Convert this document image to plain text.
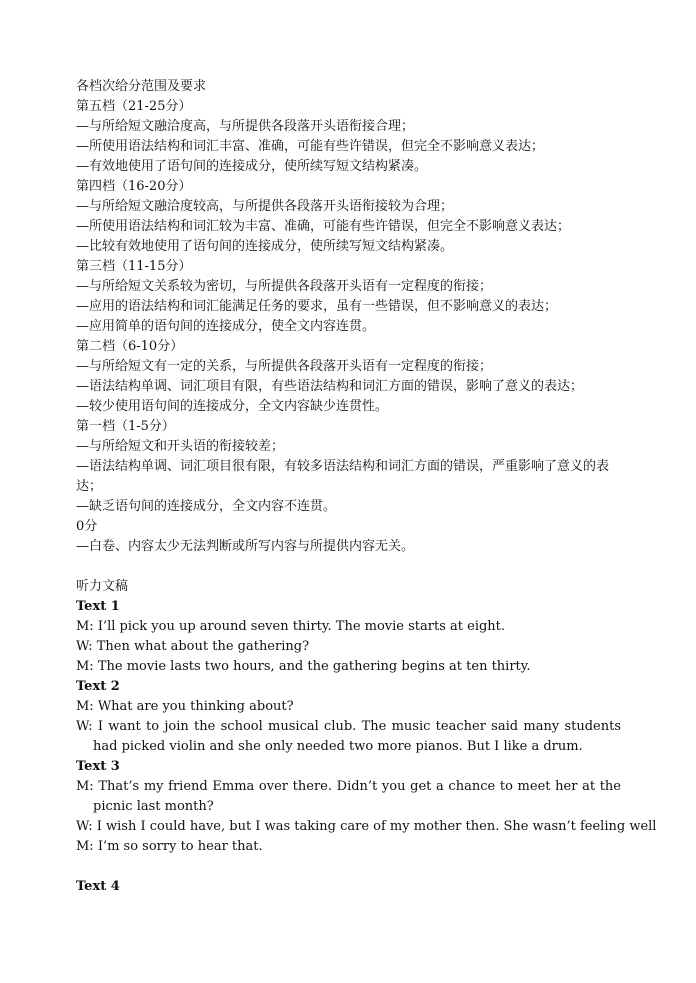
各档次给分范围及要求
第五档（21-25分）
—与所给短文融洽度高，与所提供各段落开头语衔接合理；
—所使用语法结构和词汇丰富、准确，可能有些许错误，但完全不影响意义表达；
—有效地使用了语句间的连接成分，使所续写短文结构紧凑。
第四档（16-20分）
—与所给短文融洽度较高，与所提供各段落开头语衔接较为合理；
—所使用语法结构和词汇较为丰富、准确，可能有些许错误，但完全不影响意义表达；
—比较有效地使用了语句间的连接成分，使所续写短文结构紧凑。
第三档（11-15分）
—与所给短文关系较为密切，与所提供各段落开头语有一定程度的衔接；
—应用的语法结构和词汇能满足任务的要求，虽有一些错误，但不影响意义的表达；
—应用简单的语句间的连接成分，使全文内容连贯。
第二档（6-10分）
—与所给短文有一定的关系，与所提供各段落开头语有一定程度的衔接；
—语法结构单调、词汇项目有限，有些语法结构和词汇方面的错误，影响了意义的表达；
—较少使用语句间的连接成分，全文内容缺少连贯性。
第一档（1-5分）
—与所给短文和开头语的衔接较差；
—语法结构单调、词汇项目很有限，有较多语法结构和词汇方面的错误，严重影响了意义的表达；
—缺乏语句间的连接成分，全文内容不连贯。
0分
—白卷、内容太少无法判断或所写内容与所提供内容无关。
听力文稿
Text 1
M: I’ll pick you up around seven thirty. The movie starts at eight.
W: Then what about the gathering?
M: The movie lasts two hours, and the gathering begins at ten thirty.
Text 2
M: What are you thinking about?
W: I want to join the school musical club. The music teacher said many students had picked violin and she only needed two more pianos. But I like a drum.
Text 3
M: That’s my friend Emma over there. Didn’t you get a chance to meet her at the picnic last month?
W: I wish I could have, but I was taking care of my mother then. She wasn’t feeling well
M: I’m so sorry to hear that.
Text 4
